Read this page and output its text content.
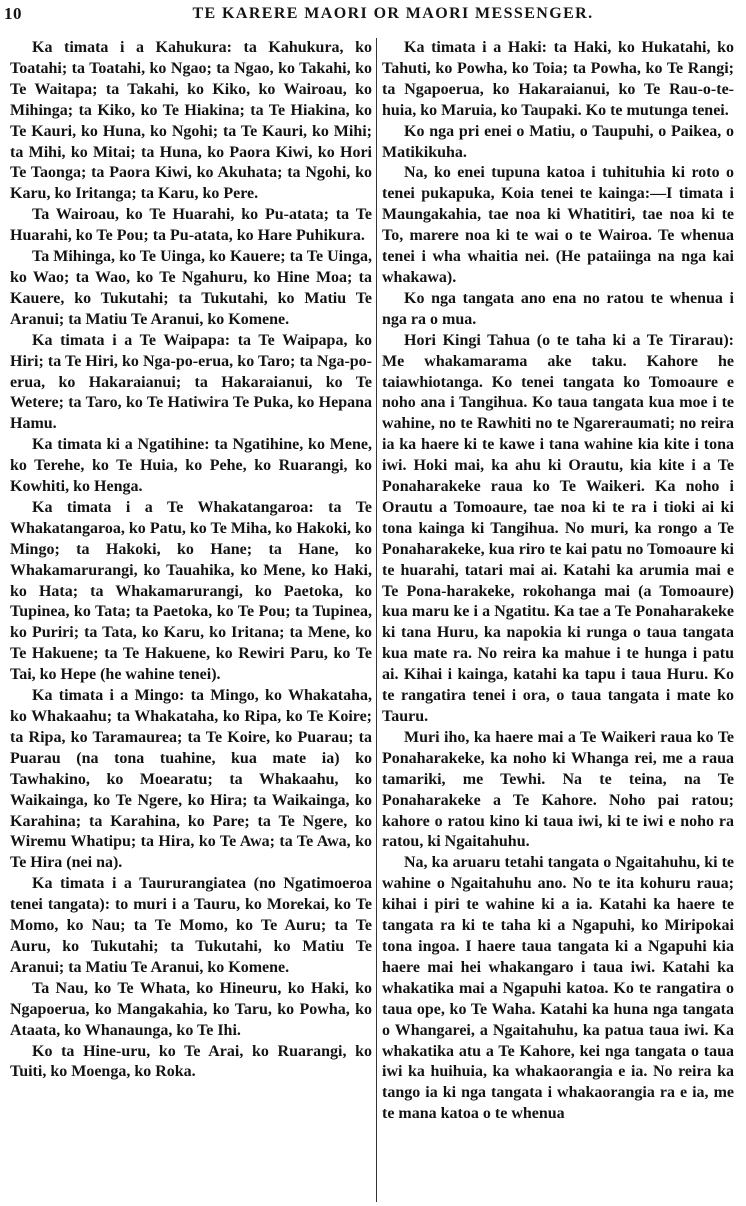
10	TE KARERE MAORI OR MAORI MESSENGER.

Ka timata i a Kahukura: ta Kahukura, ko Toatahi; ta Toatahi, ko Ngao; ta Ngao, ko Takahi, ko Te Waitapa; ta Takahi, ko Kiko, ko Wairoau, ko Mihinga; ta Kiko, ko Te Hiakina; ta Te Hiakina, ko Te Kauri, ko Huna, ko Ngohi; ta Te Kauri, ko Mihi; ta Mihi, ko Mitai; ta Huna, ko Paora Kiwi, ko Hori Te Taonga; ta Paora Kiwi, ko Akuhata; ta Ngohi, ko Karu, ko Iritanga; ta Karu, ko Pere.

Ta Wairoau, ko Te Huarahi, ko Pu-atata; ta Te Huarahi, ko Te Pou; ta Pu-atata, ko Hare Puhikura.

Ta Mihinga, ko Te Uinga, ko Kauere; ta Te Uinga, ko Wao; ta Wao, ko Te Ngahuru, ko Hine Moa; ta Kauere, ko Tukutahi; ta Tukutahi, ko Matiu Te Aranui; ta Matiu Te Aranui, ko Komene.

Ka timata i a Te Waipapa: ta Te Waipapa, ko Hiri; ta Te Hiri, ko Nga-po-erua, ko Taro; ta Nga-po-erua, ko Hakaraianui; ta Hakaraianui, ko Te Wetere; ta Taro, ko Te Hatiwira Te Puka, ko Hepana Hamu.

Ka timata ki a Ngatihine: ta Ngatihine, ko Mene, ko Terehe, ko Te Huia, ko Pehe, ko Ruarangi, ko Kowhiti, ko Henga.

Ka timata i a Te Whakatangaroa: ta Te Whakatangaroa, ko Patu, ko Te Miha, ko Hakoki, ko Mingo; ta Hakoki, ko Hane; ta Hane, ko Whakamarurangi, ko Tauahika, ko Mene, ko Haki, ko Hata; ta Whakamarurangi, ko Paetoka, ko Tupinea, ko Tata; ta Paetoka, ko Te Pou; ta Tupinea, ko Puriri; ta Tata, ko Karu, ko Iritana; ta Mene, ko Te Hakuene; ta Te Hakuene, ko Rewiri Paru, ko Te Tai, ko Hepe (he wahine tenei).

Ka timata i a Mingo: ta Mingo, ko Whakataha, ko Whakaahu; ta Whakataha, ko Ripa, ko Te Koire; ta Ripa, ko Taramaurea; ta Te Koire, ko Puarau; ta Puarau (na tona tuahine, kua mate ia) ko Tawhakino, ko Moearatu; ta Whakaahu, ko Waikainga, ko Te Ngere, ko Hira; ta Waikainga, ko Karahina; ta Karahina, ko Pare; ta Te Ngere, ko Wiremu Whatipu; ta Hira, ko Te Awa; ta Te Awa, ko Te Hira (nei na).

Ka timata i a Taururangiatea (no Ngatimoeroa tenei tangata): to muri i a Tauru, ko Morekai, ko Te Momo, ko Nau; ta Te Momo, ko Te Auru; ta Te Auru, ko Tukutahi; ta Tukutahi, ko Matiu Te Aranui; ta Matiu Te Aranui, ko Komene.

Ta Nau, ko Te Whata, ko Hineuru, ko Haki, ko Ngapoerua, ko Mangakahia, ko Taru, ko Powha, ko Ataata, ko Whanaunga, ko Te Ihi.

Ko ta Hine-uru, ko Te Arai, ko Ruarangi, ko Tuiti, ko Moenga, ko Roka.

Ka timata i a Haki: ta Haki, ko Hukatahi, ko Tahuti, ko Powha, ko Toia; ta Powha, ko Te Rangi; ta Ngapoerua, ko Hakaraianui, ko Te Rau-o-te-huia, ko Maruia, ko Taupaki. Ko te mutunga tenei.

Ko nga pri enei o Matiu, o Taupuhi, o Paikea, o Matikikuha.

Na, ko enei tupuna katoa i tuhituhia ki roto o tenei pukapuka, Koia tenei te kainga:—I timata i Maungakahia, tae noa ki Whatitiri, tae noa ki te To, marere noa ki te wai o te Wairoa. Te whenua tenei i wha whaitia nei. (He pataiinga na nga kai whakawa).

Ko nga tangata ano ena no ratou te whenua i nga ra o mua.

Hori Kingi Tahua (o te taha ki a Te Tirarau): Me whakamarama ake taku. Kahore he taiawhiotanga. Ko tenei tangata ko Tomoaure e noho ana i Tangihua. Ko taua tangata kua moe i te wahine, no te Rawhiti no te Ngareraumati; no reira ia ka haere ki te kawe i tana wahine kia kite i tona iwi. Hoki mai, ka ahu ki Orautu, kia kite i a Te Ponaharakeke raua ko Te Waikeri. Ka noho i Orautu a Tomoaure, tae noa ki te ra i tioki ai ki tona kainga ki Tangihua. No muri, ka rongo a Te Ponaharakeke, kua riro te kai patu no Tomoaure ki te huarahi, tatari mai ai. Katahi ka arumia mai e Te Pona-harakeke, rokohanga mai (a Tomoaure) kua maru ke i a Ngatitu. Ka tae a Te Ponaharakeke ki tana Huru, ka napokia ki runga o taua tangata kua mate ra. No reira ka mahue i te hunga i patu ai. Kihai i kainga, katahi ka tapu i taua Huru. Ko te rangatira tenei i ora, o taua tangata i mate ko Tauru.

Muri iho, ka haere mai a Te Waikeri raua ko Te Ponaharakeke, ka noho ki Whanga rei, me a raua tamariki, me Tewhi. Na te teina, na Te Ponaharakeke a Te Kahore. Noho pai ratou; kahore o ratou kino ki taua iwi, ki te iwi e noho ra ratou, ki Ngaitahuhu.

Na, ka aruaru tetahi tangata o Ngaitahuhu, ki te wahine o Ngaitahuhu ano. No te ita kohuru raua; kihai i piri te wahine ki a ia. Katahi ka haere te tangata ra ki te taha ki a Ngapuhi, ko Miripokai tona ingoa. I haere taua tangata ki a Ngapuhi kia haere mai hei whakangaro i taua iwi. Katahi ka whakatika mai a Ngapuhi katoa. Ko te rangatira o taua ope, ko Te Waha. Katahi ka huna nga tangata o Whangarei, a Ngaitahuhu, ka patua taua iwi. Ka whakatika atu a Te Kahore, kei nga tangata o taua iwi ka huihuia, ka whakaorangia e ia. No reira ka tango ia ki nga tangata i whakaorangia ra e ia, me te mana katoa o te whenua
